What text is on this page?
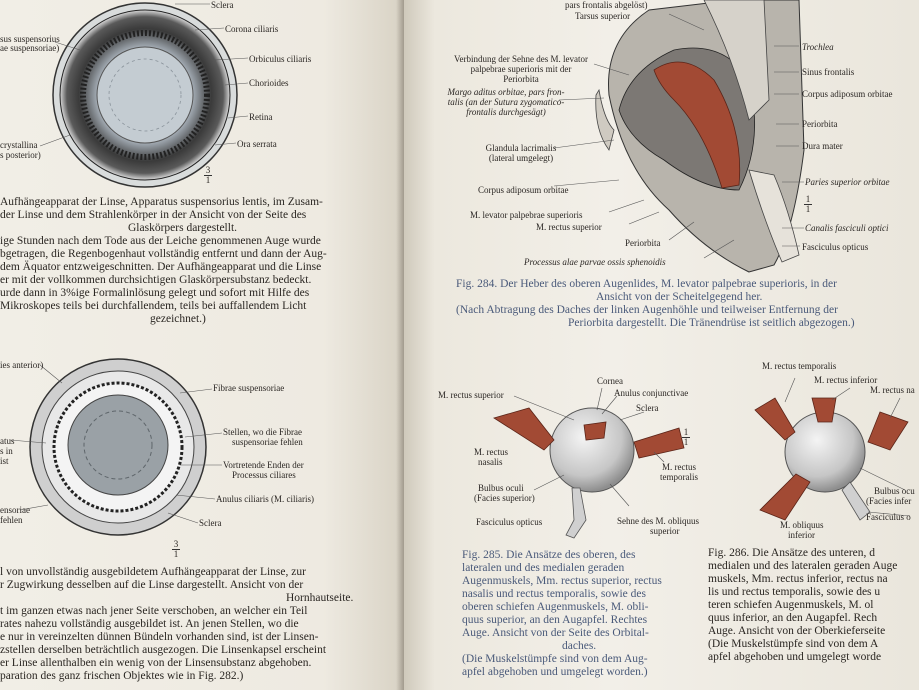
Sclera
sus suspensorius
ae suspensoriae)
Corona ciliaris
Orbiculus ciliaris
Chorioides
Retina
Ora serrata
crystallina
s posterior)
3
1
Aufhängeapparat der Linse, Apparatus suspensorius lentis, im Zusam-
der Linse und dem Strahlenkörper in der Ansicht von der Seite des
Glaskörpers dargestellt.
ige Stunden nach dem Tode aus der Leiche genommenen Auge wurde
bgetragen, die Regenbogenhaut vollständig entfernt und dann der Aug-
dem Äquator entzweigeschnitten. Der Aufhängeapparat und die Linse
er mit der vollkommen durchsichtigen Glaskörpersubstanz bedeckt.
urde dann in 3%ige Formalinlösung gelegt und sofort mit Hilfe des
Mikroskopes teils bei durchfallendem, teils bei auffallendem Licht
gezeichnet.)
ies anterior)
Fibrae suspensoriae
atus
s in
ist
Stellen, wo die Fibrae
suspensoriae fehlen
Vortretende Enden der
Processus ciliares
Anulus ciliaris (M. ciliaris)
Sclera
ensoriae
fehlen
3
1
l von unvollständig ausgebildetem Aufhängeapparat der Linse, zur
r Zugwirkung desselben auf die Linse dargestellt. Ansicht von der
Hornhautseite.
t im ganzen etwas nach jener Seite verschoben, an welcher ein Teil
rates nahezu vollständig ausgebildet ist. An jenen Stellen, wo die
e nur in vereinzelten dünnen Bündeln vorhanden sind, ist der Linsen-
zstellen derselben beträchtlich ausgezogen. Die Linsenkapsel erscheint
er Linse allenthalben ein wenig von der Linsensubstanz abgehoben.
paration des ganz frischen Objektes wie in Fig. 282.)
pars frontalis abgelöst)
Tarsus superior
Verbindung der Sehne des M. levator
palpebrae superioris mit der
Periorbita
Margo aditus orbitae, pars fron-
talis (an der Sutura zygomatico-
frontalis durchgesägt)
Glandula lacrimalis
(lateral umgelegt)
Corpus adiposum orbitae
M. levator palpebrae superioris
M. rectus superior
Periorbita
Processus alae parvae ossis sphenoidis
Trochlea
Sinus frontalis
Corpus adiposum orbitae
Periorbita
Dura mater
Paries superior orbitae
Canalis fasciculi optici
Fasciculus opticus
1
1
Fig. 284. Der Heber des oberen Augenlides, M. levator palpebrae superioris, in der
Ansicht von der Scheitelgegend her.
(Nach Abtragung des Daches der linken Augenhöhle und teilweiser Entfernung der
Periorbita dargestellt. Die Tränendrüse ist seitlich abgezogen.)
Cornea
Anulus conjunctivae
Sclera
M. rectus superior
M. rectus
nasalis	M. rectus
temporalis
Bulbus oculi
(Facies superior)
Fasciculus opticus	Sehne des M. obliquus
superior
1
1
Fig. 285. Die Ansätze des oberen, des
lateralen und des medialen geraden
Augenmuskels, Mm. rectus superior, rectus
nasalis und rectus temporalis, sowie des
oberen schiefen Augenmuskels, M. obli-
quus superior, an den Augapfel. Rechtes
Auge. Ansicht von der Seite des Orbital-
daches.
(Die Muskelstümpfe sind von dem Aug-
apfel abgehoben und umgelegt worden.)
M. rectus temporalis
M. rectus inferior
M. rectus na
Bulbus ocu
(Facies infer
Fasciculus o
M. obliquus
inferior
Fig. 286. Die Ansätze des unteren, d
medialen und des lateralen geraden Auge
muskels, Mm. rectus inferior, rectus na
lis und rectus temporalis, sowie des u
teren schiefen Augenmuskels, M. ol
quus inferior, an den Augapfel. Rech
Auge. Ansicht von der Oberkieferseite
(Die Muskelstümpfe sind von dem A
apfel abgehoben und umgelegt worde
